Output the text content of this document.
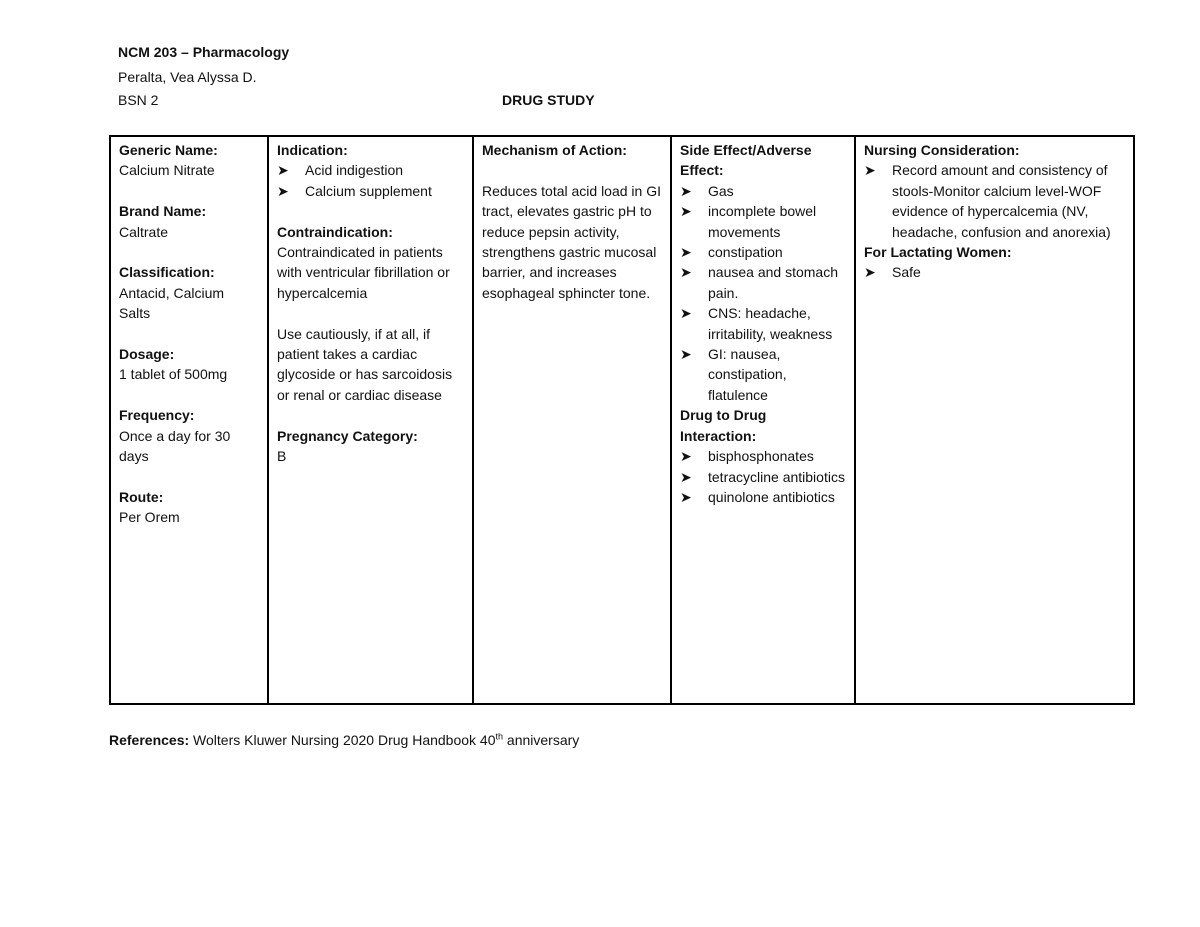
NCM 203 – Pharmacology
Peralta, Vea Alyssa D.
BSN 2	DRUG STUDY
Generic Name:
Calcium Nitrate
Brand Name:
Caltrate
Classification:
Antacid, Calcium Salts
Dosage:
1 tablet of 500mg
Frequency:
Once a day for 30 days
Route:
Per Orem

Indication:
➤ Acid indigestion
➤ Calcium supplement
Contraindication:
Contraindicated in patients with ventricular fibrillation or hypercalcemia
Use cautiously, if at all, if patient takes a cardiac glycoside or has sarcoidosis or renal or cardiac disease
Pregnancy Category:
B

Mechanism of Action:
Reduces total acid load in GI tract, elevates gastric pH to reduce pepsin activity, strengthens gastric mucosal barrier, and increases esophageal sphincter tone.

Side Effect/Adverse Effect:
➤ Gas
➤ incomplete bowel movements
➤ constipation
➤ nausea and stomach pain.
➤ CNS: headache, irritability, weakness
➤ GI: nausea, constipation, flatulence
Drug to Drug Interaction:
➤ bisphosphonates
➤ tetracycline antibiotics
➤ quinolone antibiotics

Nursing Consideration:
➤ Record amount and consistency of stools-Monitor calcium level-WOF evidence of hypercalcemia (NV, headache, confusion and anorexia)
For Lactating Women:
➤ Safe
References: Wolters Kluwer Nursing 2020 Drug Handbook 40th anniversary
